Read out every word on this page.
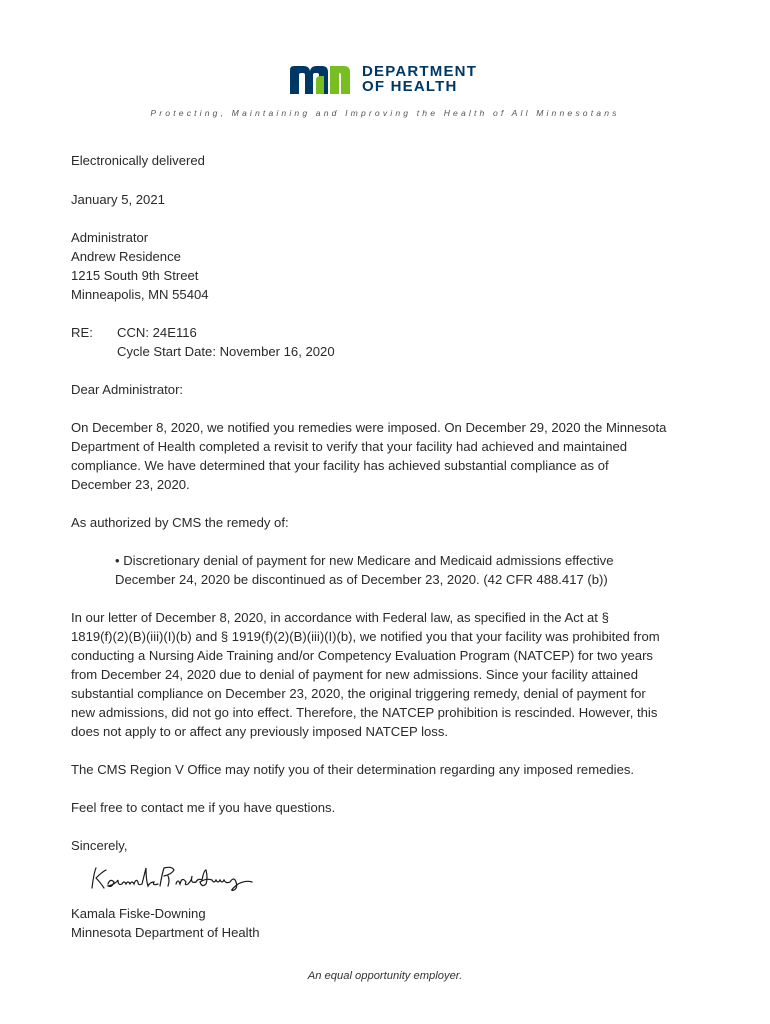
DEPARTMENT
OF HEALTH
Protecting, Maintaining and Improving the Health of All Minnesotans
Electronically delivered
January 5, 2021
Administrator
Andrew Residence
1215 South 9th Street
Minneapolis, MN 55404
RE: CCN: 24E116
Cycle Start Date: November 16, 2020
Dear Administrator:
On December 8, 2020, we notified you remedies were imposed. On December 29, 2020 the Minnesota
Department of Health completed a revisit to verify that your facility had achieved and maintained
compliance. We have determined that your facility has achieved substantial compliance as of
December 23, 2020.
As authorized by CMS the remedy of:
• Discretionary denial of payment for new Medicare and Medicaid admissions effective
December 24, 2020 be discontinued as of December 23, 2020. (42 CFR 488.417 (b))
In our letter of December 8, 2020, in accordance with Federal law, as specified in the Act at §
1819(f)(2)(B)(iii)(I)(b) and § 1919(f)(2)(B)(iii)(I)(b), we notified you that your facility was prohibited from
conducting a Nursing Aide Training and/or Competency Evaluation Program (NATCEP) for two years
from December 24, 2020 due to denial of payment for new admissions. Since your facility attained
substantial compliance on December 23, 2020, the original triggering remedy, denial of payment for
new admissions, did not go into effect. Therefore, the NATCEP prohibition is rescinded. However, this
does not apply to or affect any previously imposed NATCEP loss.
The CMS Region V Office may notify you of their determination regarding any imposed remedies.
Feel free to contact me if you have questions.
Sincerely,
Kamala Fiske-Downing
Minnesota Department of Health
An equal opportunity employer.
